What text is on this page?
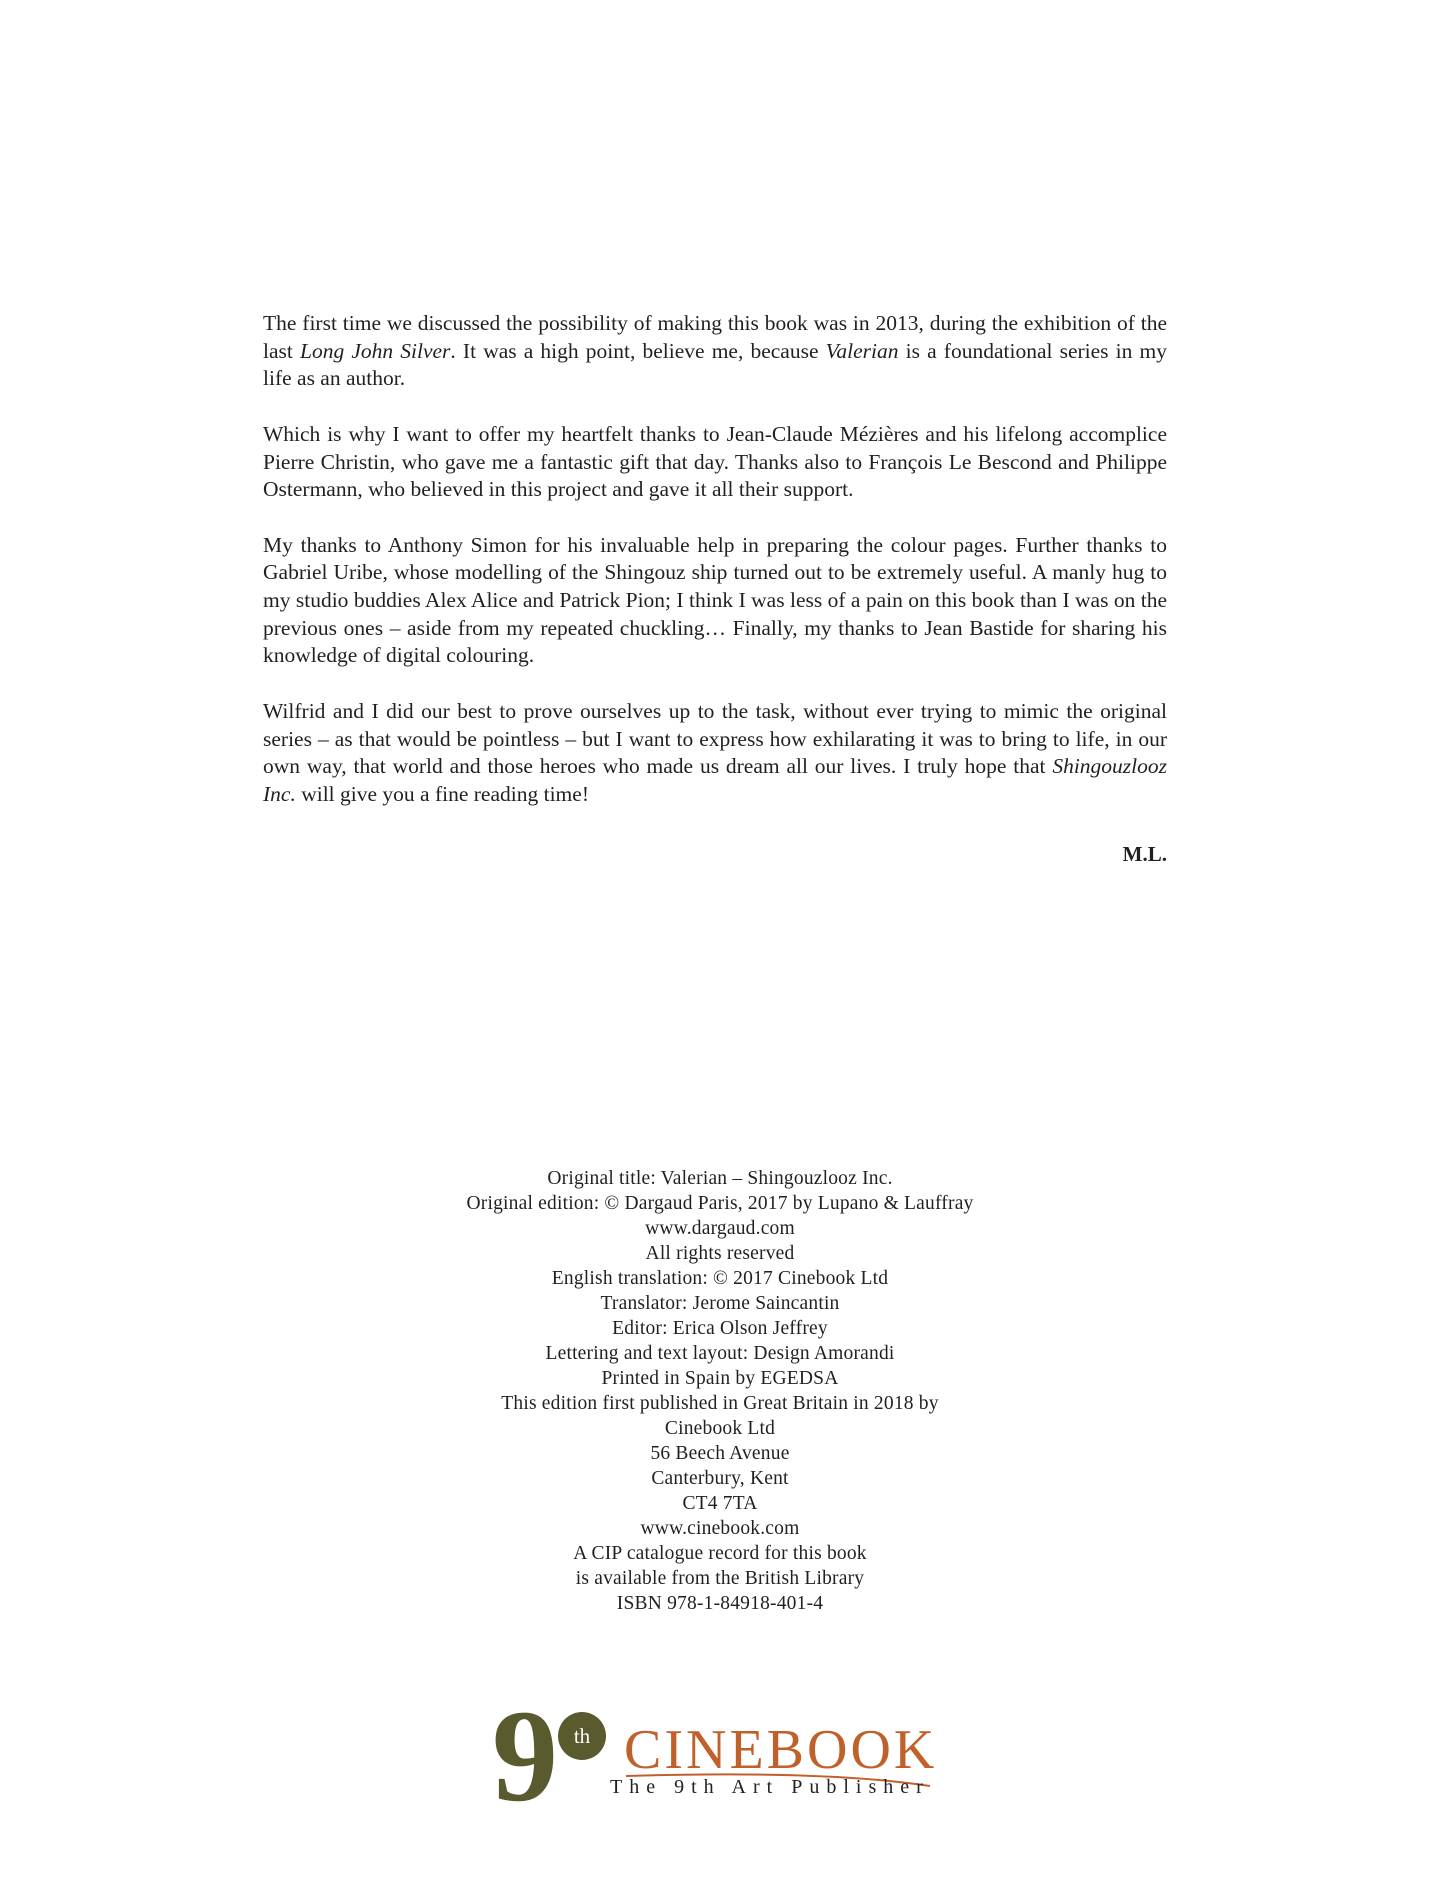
The first time we discussed the possibility of making this book was in 2013, during the exhibition of the last Long John Silver. It was a high point, believe me, because Valerian is a foundational series in my life as an author.

Which is why I want to offer my heartfelt thanks to Jean-Claude Mézières and his lifelong accomplice Pierre Christin, who gave me a fantastic gift that day. Thanks also to François Le Bescond and Philippe Ostermann, who believed in this project and gave it all their support.

My thanks to Anthony Simon for his invaluable help in preparing the colour pages. Further thanks to Gabriel Uribe, whose modelling of the Shingouz ship turned out to be extremely useful. A manly hug to my studio buddies Alex Alice and Patrick Pion; I think I was less of a pain on this book than I was on the previous ones – aside from my repeated chuckling… Finally, my thanks to Jean Bastide for sharing his knowledge of digital colouring.

Wilfrid and I did our best to prove ourselves up to the task, without ever trying to mimic the original series – as that would be pointless – but I want to express how exhilarating it was to bring to life, in our own way, that world and those heroes who made us dream all our lives. I truly hope that Shingouzlooz Inc. will give you a fine reading time!

M.L.
Original title: Valerian – Shingouzlooz Inc.
Original edition: © Dargaud Paris, 2017 by Lupano & Lauffray
www.dargaud.com
All rights reserved
English translation: © 2017 Cinebook Ltd
Translator: Jerome Saincantin
Editor: Erica Olson Jeffrey
Lettering and text layout: Design Amorandi
Printed in Spain by EGEDSA
This edition first published in Great Britain in 2018 by
Cinebook Ltd
56 Beech Avenue
Canterbury, Kent
CT4 7TA
www.cinebook.com
A CIP catalogue record for this book
is available from the British Library
ISBN 978-1-84918-401-4
9 th CINEBOOK
The 9th Art Publisher
